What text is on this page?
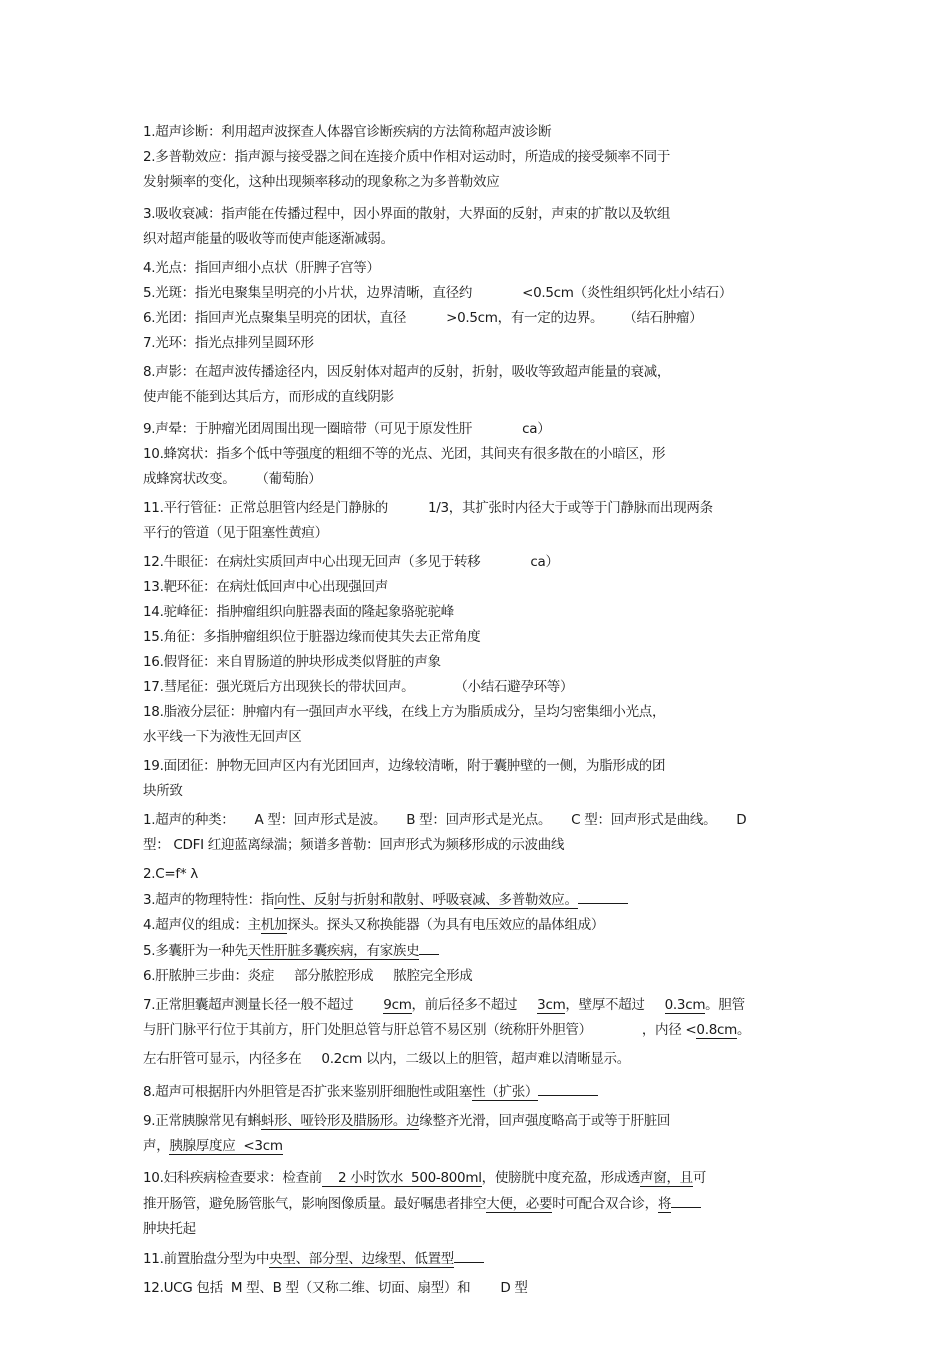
1.超声诊断：利用超声波探查人体器官诊断疾病的方法简称超声波诊断

2.多普勒效应：指声源与接受器之间在连接介质中作相对运动时，所造成的接受频率不同于

发射频率的变化，这种出现频率移动的现象称之为多普勒效应

3.吸收衰减：指声能在传播过程中，因小界面的散射，大界面的反射，声束的扩散以及软组

织对超声能量的吸收等而使声能逐渐减弱。

4.光点：指回声细小点状（肝脾子宫等）

5.光斑：指光电聚集呈明亮的小片状，边界清晰，直径约	<0.5cm（炎性组织钙化灶小结石）

6.光团：指回声光点聚集呈明亮的团状，直径	>0.5cm，有一定的边界。 （结石肿瘤）

7.光环：指光点排列呈圆环形

8.声影：在超声波传播途径内，因反射体对超声的反射，折射，吸收等致超声能量的衰减，

使声能不能到达其后方，而形成的直线阴影

9.声晕：于肿瘤光团周围出现一圈暗带（可见于原发性肝	ca）

10.蜂窝状：指多个低中等强度的粗细不等的光点、光团，其间夹有很多散在的小暗区，形

成蜂窝状改变。 （葡萄胎）

11.平行管征：正常总胆管内经是门静脉的	1/3，其扩张时内径大于或等于门静脉而出现两条

平行的管道（见于阻塞性黄疸）

12.牛眼征：在病灶实质回声中心出现无回声（多见于转移	ca）

13.靶环征：在病灶低回声中心出现强回声

14.驼峰征：指肿瘤组织向脏器表面的隆起象骆驼驼峰

15.角征：多指肿瘤组织位于脏器边缘而使其失去正常角度

16.假肾征：来自胃肠道的肿块形成类似肾脏的声象

17.彗尾征：强光斑后方出现狭长的带状回声。	（小结石避孕环等）

18.脂液分层征：肿瘤内有一强回声水平线，在线上方为脂质成分，呈均匀密集细小光点，

水平线一下为液性无回声区

19.面团征：肿物无回声区内有光团回声，边缘较清晰，附于囊肿壁的一侧，为脂形成的团

块所致

1.超声的种类： A 型：回声形式是波。 B 型：回声形式是光点。 C 型：回声形式是曲线。 D

型： CDFI 红迎蓝离绿湍；频谱多普勒：回声形式为频移形成的示波曲线

2.C=f* λ

3.超声的物理特性：指向性、反射与折射和散射、呼吸衰减、多普勒效应。

4.超声仪的组成：主机加探头。探头又称换能器（为具有电压效应的晶体组成）

5.多囊肝为一种先天性肝脏多囊疾病，有家族史

6.肝脓肿三步曲：炎症 部分脓腔形成 脓腔完全形成

7.正常胆囊超声测量长径一般不超过 9cm，前后径多不超过 3cm，壁厚不超过 0.3cm。胆管

与肝门脉平行位于其前方，肝门处胆总管与肝总管不易区别（统称肝外胆管）	，内径 <0.8cm。

左右肝管可显示，内径多在 0.2cm 以内，二级以上的胆管，超声难以清晰显示。

8.超声可根据肝内外胆管是否扩张来鉴别肝细胞性或阻塞性（扩张）

9.正常胰腺常见有蝌蚪形、哑铃形及腊肠形。边缘整齐光滑，回声强度略高于或等于肝脏回

声，胰腺厚度应 <3cm

10.妇科疾病检查要求：检查前 2 小时饮水 500-800ml，使膀胱中度充盈，形成透声窗，且可

推开肠管，避免肠管胀气，影响图像质量。最好嘱患者排空大便，必要时可配合双合诊，将

肿块托起

11.前置胎盘分型为中央型、部分型、边缘型、低置型

12.UCG 包括 M 型、B 型（又称二维、切面、扇型）和 D 型
